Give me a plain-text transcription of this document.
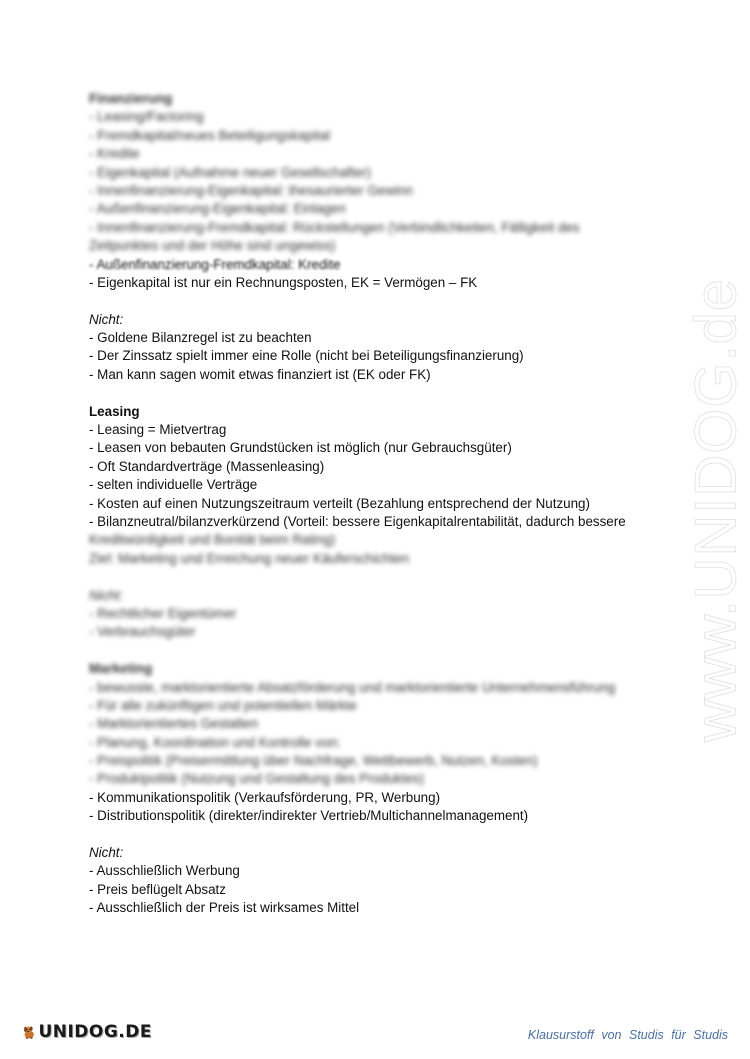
www.UNIDOG.de
Finanzierung
- Leasing/Factoring
- Fremdkapital/neues Beteiligungskapital
- Kredite
- Eigenkapital (Aufnahme neuer Gesellschafter)
- Innenfinanzierung-Eigenkapital: thesaurierter Gewinn
- Außenfinanzierung-Eigenkapital: Einlagen
- Innenfinanzierung-Fremdkapital: Rückstellungen (Verbindlichkeiten, Fälligkeit des
Zeitpunktes und der Höhe sind ungewiss)
- Außenfinanzierung-Fremdkapital: Kredite
- Eigenkapital ist nur ein Rechnungsposten, EK = Vermögen – FK
Nicht:
- Goldene Bilanzregel ist zu beachten
- Der Zinssatz spielt immer eine Rolle (nicht bei Beteiligungsfinanzierung)
- Man kann sagen womit etwas finanziert ist (EK oder FK)
Leasing
- Leasing = Mietvertrag
- Leasen von bebauten Grundstücken ist möglich (nur Gebrauchsgüter)
- Oft Standardverträge (Massenleasing)
- selten individuelle Verträge
- Kosten auf einen Nutzungszeitraum verteilt (Bezahlung entsprechend der Nutzung)
- Bilanzneutral/bilanzverkürzend (Vorteil: bessere Eigenkapitalrentabilität, dadurch bessere
Kreditwürdigkeit und Bonität beim Rating)
Ziel: Marketing und Erreichung neuer Käuferschichten
Nicht:
- Rechtlicher Eigentümer
- Verbrauchsgüter
Marketing
- bewusste, marktorientierte Absatzförderung und marktorientierte Unternehmensführung
- Für alle zukünftigen und potentiellen Märkte
- Marktorientiertes Gestalten
- Planung, Koordination und Kontrolle von:
- Preispolitik (Preisermittlung über Nachfrage, Wettbewerb, Nutzen, Kosten)
- Produktpolitik (Nutzung und Gestaltung des Produktes)
- Kommunikationspolitik (Verkaufsförderung, PR, Werbung)
- Distributionspolitik (direkter/indirekter Vertrieb/Multichannelmanagement)
Nicht:
- Ausschließlich Werbung
- Preis beflügelt Absatz
- Ausschließlich der Preis ist wirksames Mittel
UNIDOG.DE	Klausurstoff von Studis für Studis
